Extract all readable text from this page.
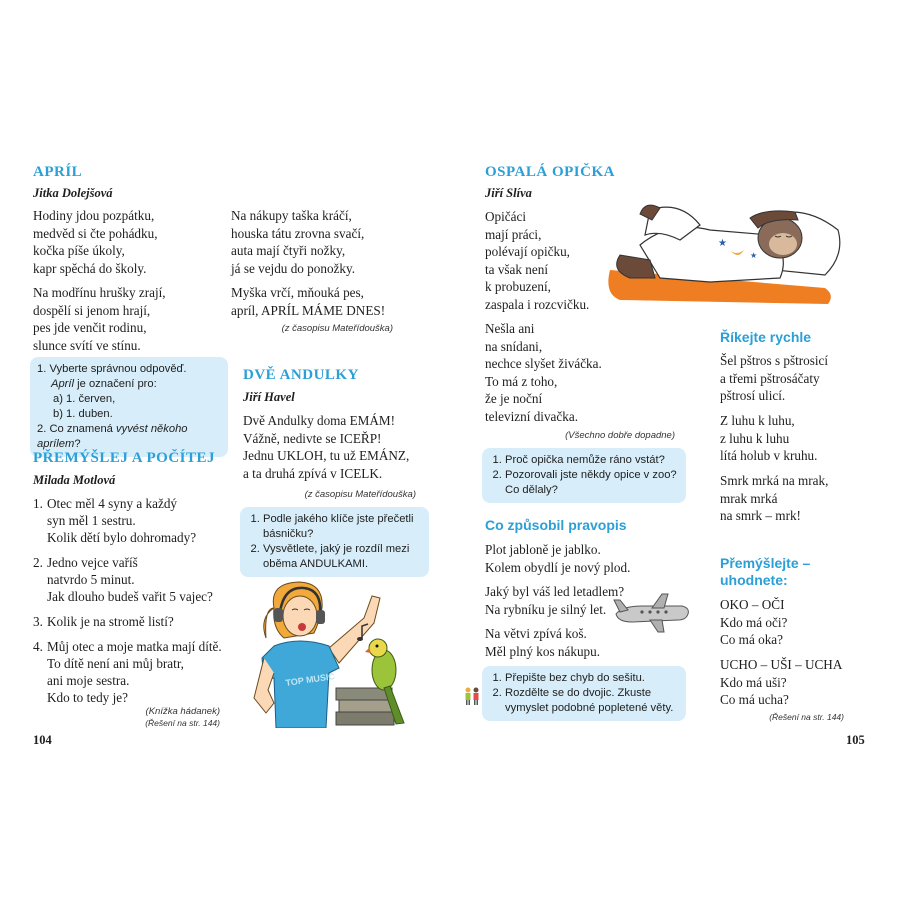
APRÍL

Jitka Dolejšová

Hodiny jdou pozpátku,
medvěd si čte pohádku,
kočka píše úkoly,
kapr spěchá do školy.

Na modřínu hrušky zrají,
dospělí si jenom hrají,
pes jde venčit rodinu,
slunce svítí ve stínu.

Na nákupy taška kráčí,
houska tátu zrovna svačí,
auta mají čtyři nožky,
já se vejdu do ponožky.

Myška vrčí, mňouká pes,
apríl, APRÍL MÁME DNES!

(z časopisu Mateřídouška)
1. Vyberte správnou odpověď.
Apríl je označení pro:
a) 1. červen,
b) 1. duben.
2. Co znamená vyvést někoho aprílem?
PŘEMÝŠLEJ A POČÍTEJ

Milada Motlová

1. Otec měl 4 syny a každý
syn měl 1 sestru.
Kolik dětí bylo dohromady?
2. Jedno vejce vaříš
natvrdo 5 minut.
Jak dlouho budeš vařit 5 vajec?
3. Kolik je na stromě listí?
4. Můj otec a moje matka mají dítě.
To dítě není ani můj bratr,
ani moje sestra.
Kdo to tedy je?
(Knížka hádanek)
(Řešení na str. 144)
104
DVĚ ANDULKY

Jiří Havel

Dvě Andulky doma EMÁM!
Vážně, nedivte se ICEŘP!
Jednu UKLOH, tu už EMÁNZ,
a ta druhá zpívá v ICELK.

(z časopisu Mateřídouška)
1. Podle jakého klíče jste přečetli básničku?
2. Vysvětlete, jaký je rozdíl mezi oběma ANDULKAMI.
TOP MUSIC
OSPALÁ OPIČKA

Jiří Slíva

Opičáci
mají práci,
polévají opičku,
ta však není
k probuzení,
zaspala i rozcvičku.

Nešla ani
na snídani,
nechce slyšet živáčka.
To má z toho,
že je noční
televizní divačka.

(Všechno dobře dopadne)
1. Proč opička nemůže ráno vstát?
2. Pozorovali jste někdy opice v zoo? Co dělaly?
★
★
Co způsobil pravopis

Plot jabloně je jablko.
Kolem obydlí je nový plod.

Jaký byl váš led letadlem?
Na rybníku je silný let.

Na větvi zpívá koš.
Měl plný kos nákupu.

1. Přepište bez chyb do sešitu.
2. Rozdělte se do dvojic. Zkuste vymyslet podobné popletené věty.
Říkejte rychle

Šel pštros s pštrosicí
a třemi pštrosáčaty
pštrosí ulicí.

Z luhu k luhu,
z luhu k luhu
lítá holub v kruhu.

Smrk mrká na mrak,
mrak mrká
na smrk – mrk!

Přemýšlejte –
uhodnete:

OKO – OČI
Kdo má oči?
Co má oka?

UCHO – UŠI – UCHA
Kdo má uši?
Co má ucha?

(Řešení na str. 144)
105
